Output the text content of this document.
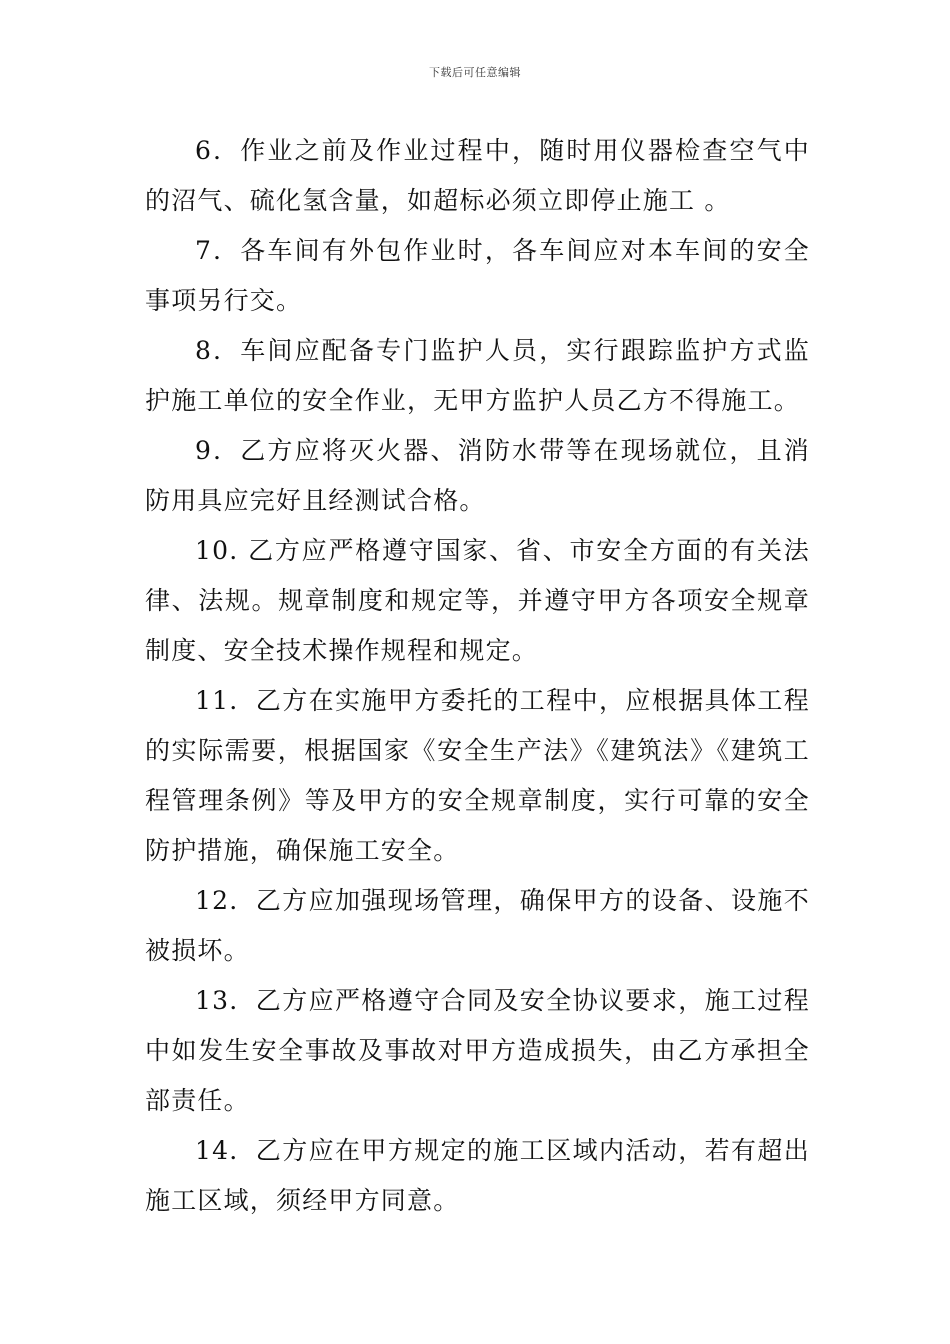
下载后可任意编辑

6．作业之前及作业过程中，随时用仪器检查空气中的沼气、硫化氢含量，如超标必须立即停止施工 。

7．各车间有外包作业时，各车间应对本车间的安全事项另行交。

8．车间应配备专门监护人员，实行跟踪监护方式监护施工单位的安全作业，无甲方监护人员乙方不得施工。

9．乙方应将灭火器、消防水带等在现场就位，且消防用具应完好且经测试合格。

10. 乙方应严格遵守国家、省、市安全方面的有关法律、法规。规章制度和规定等，并遵守甲方各项安全规章制度、安全技术操作规程和规定。

11．乙方在实施甲方委托的工程中，应根据具体工程的实际需要，根据国家《安全生产法》《建筑法》《建筑工程管理条例》等及甲方的安全规章制度，实行可靠的安全防护措施，确保施工安全。

12．乙方应加强现场管理，确保甲方的设备、设施不被损坏。

13．乙方应严格遵守合同及安全协议要求，施工过程中如发生安全事故及事故对甲方造成损失，由乙方承担全部责任。

14．乙方应在甲方规定的施工区域内活动，若有超出施工区域，须经甲方同意。
